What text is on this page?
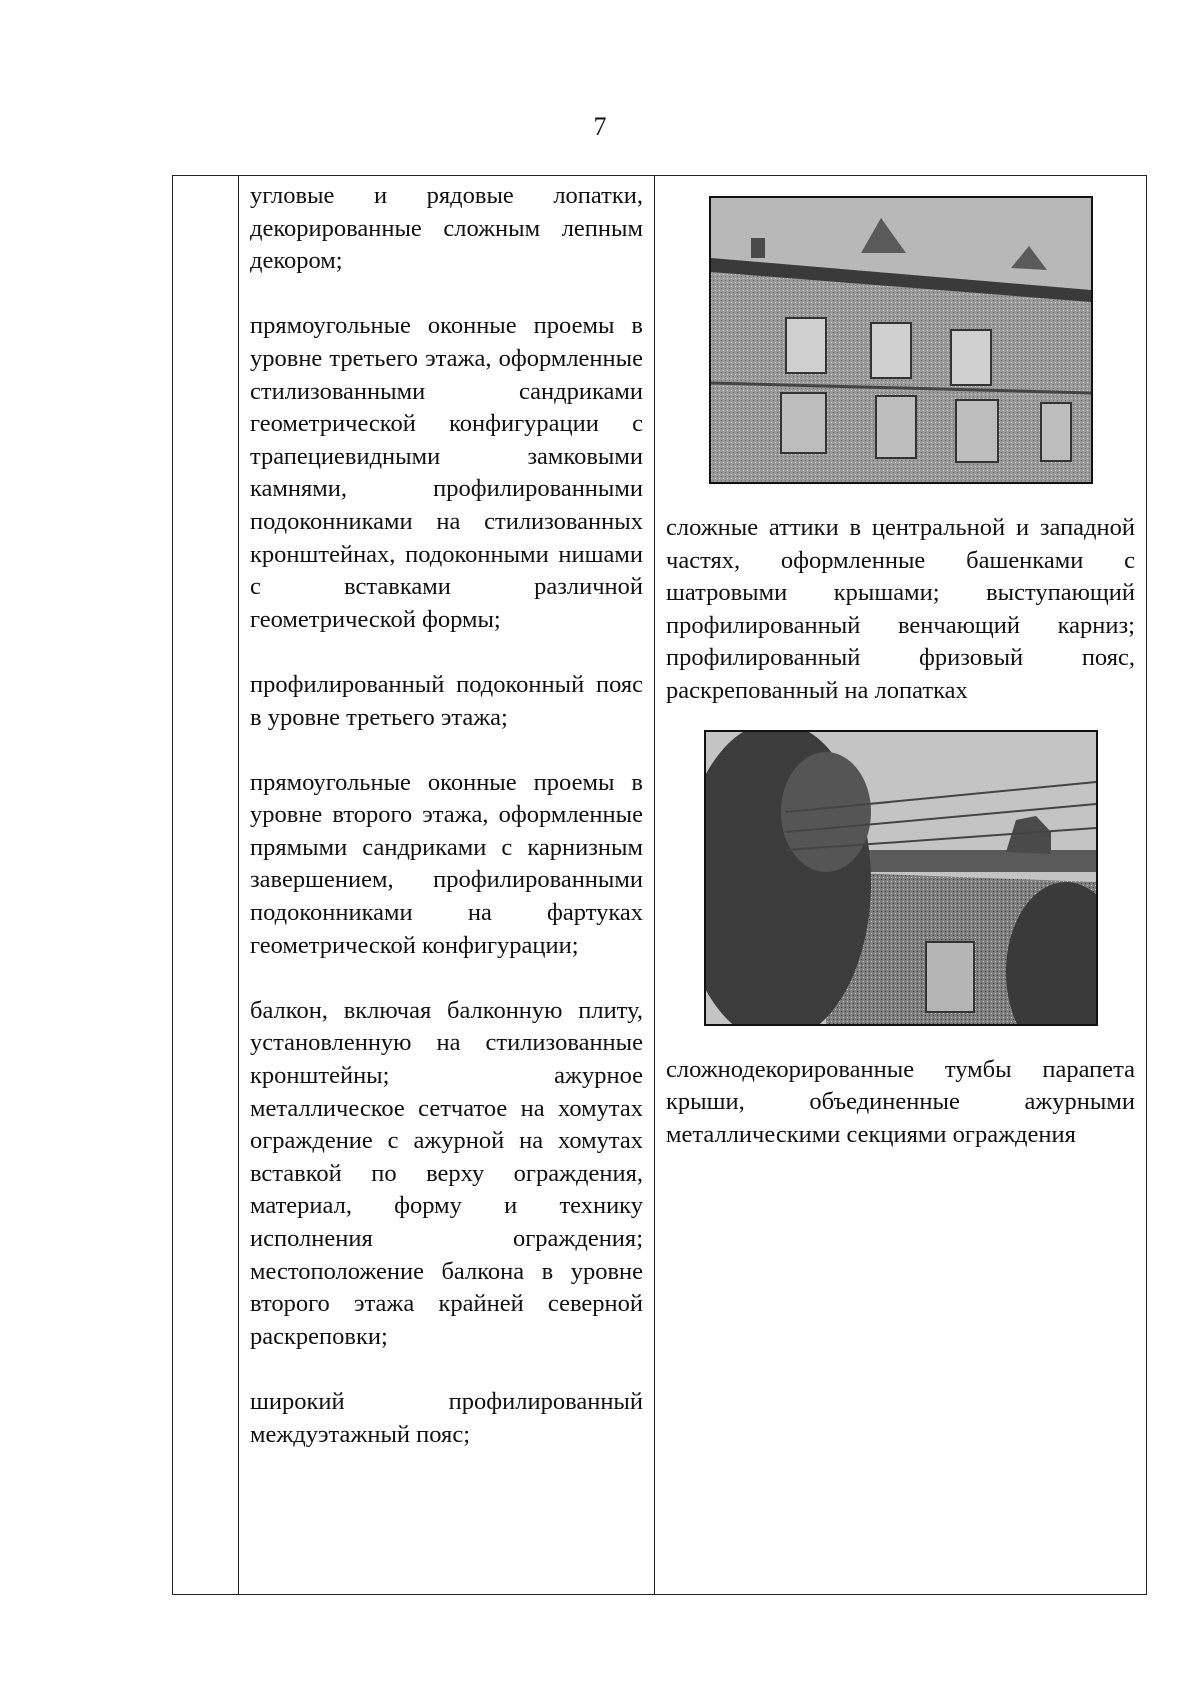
7

угловые и рядовые лопатки, декорированные сложным лепным декором;

прямоугольные оконные проемы в уровне третьего этажа, оформленные стилизованными сандриками геометрической конфигурации с трапециевидными замковыми камнями, профилированными подоконниками на стилизованных кронштейнах, подоконными нишами с вставками различной геометрической формы;

профилированный подоконный пояс в уровне третьего этажа;

прямоугольные оконные проемы в уровне второго этажа, оформленные прямыми сандриками с карнизным завершением, профилированными подоконниками на фартуках геометрической конфигурации;

балкон, включая балконную плиту, установленную на стилизованные кронштейны; ажурное металлическое сетчатое на хомутах ограждение с ажурной на хомутах вставкой по верху ограждения, материал, форму и технику исполнения ограждения; местоположение балкона в уровне второго этажа крайней северной раскреповки;

широкий профилированный междуэтажный пояс;

сложные аттики в центральной и западной частях, оформленные башенками с шатровыми крышами; выступающий профилированный венчающий карниз; профилированный фризовый пояс, раскрепованный на лопатках

сложнодекорированные тумбы парапета крыши, объединенные ажурными металлическими секциями ограждения
